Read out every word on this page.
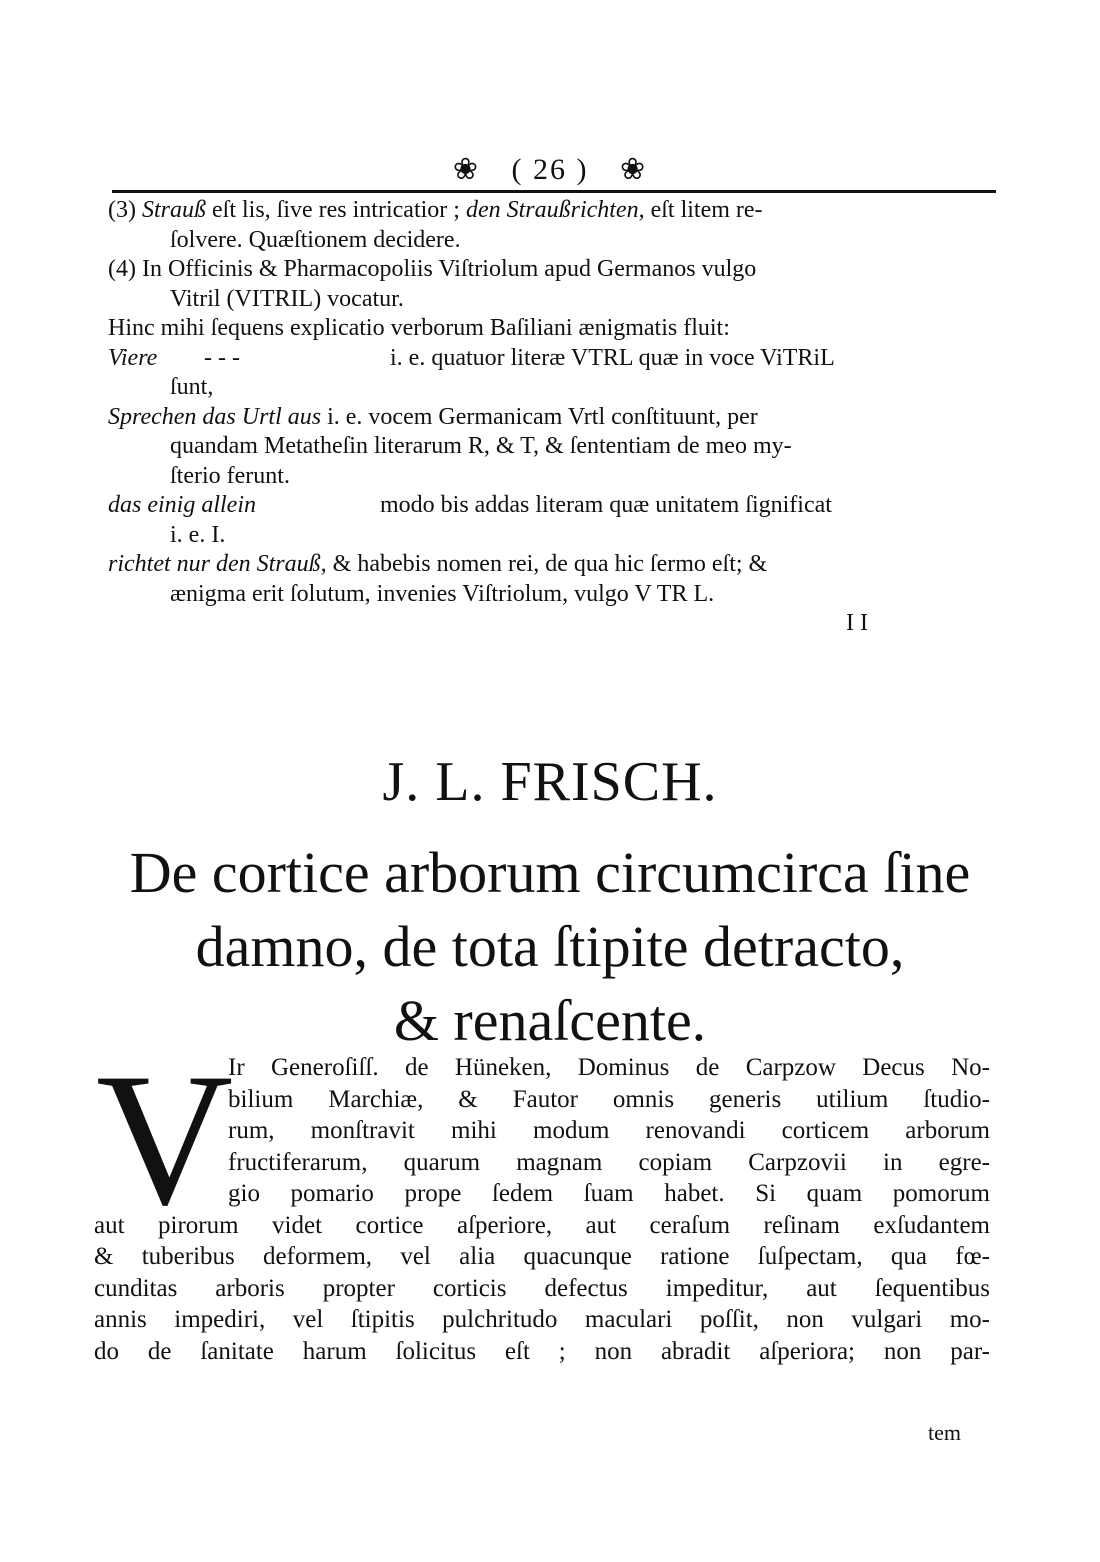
❀ ( 26 ) ❀
(3) Strauß eſt lis, ſive res intricatior ; den Straußrichten, eſt litem re-
ſolvere. Quæſtionem decidere.
(4) In Officinis & Pharmacopoliis Viſtriolum apud Germanos vulgo
Vitril (VITRIL) vocatur.
Hinc mihi ſequens explicatio verborum Baſiliani ænigmatis fluit:
Viere - - -	i. e. quatuor literæ VTRL quæ in voce ViTRiL
ſunt,
Sprechen das Urtl aus i. e. vocem Germanicam Vrtl conſtituunt, per
quandam Metatheſin literarum R, & T, & ſententiam de meo my-
ſterio ferunt.
das einig allein	modo bis addas literam quæ unitatem ſignificat
i. e. I.
richtet nur den Strauß, & habebis nomen rei, de qua hic ſermo eſt; &
ænigma erit ſolutum, invenies Viſtriolum, vulgo V TR L.
I I
J. L. FRISCH.
De cortice arborum circumcirca ſine
damno, de tota ſtipite detracto,
& renaſcente.
V
Ir Generoſiſſ. de Hüneken, Dominus de Carpzow Decus No-
bilium Marchiæ, & Fautor omnis generis utilium ſtudio-
rum, monſtravit mihi modum renovandi corticem arborum
fructiferarum, quarum magnam copiam Carpzovii in egre-
gio pomario prope ſedem ſuam habet. Si quam pomorum
aut pirorum videt cortice aſperiore, aut ceraſum reſinam exſudantem
& tuberibus deformem, vel alia quacunque ratione ſuſpectam, qua fœ-
cunditas arboris propter corticis defectus impeditur, aut ſequentibus
annis impediri, vel ſtipitis pulchritudo maculari poſſit, non vulgari mo-
do de ſanitate harum ſolicitus eſt ; non abradit aſperiora; non par-
tem
